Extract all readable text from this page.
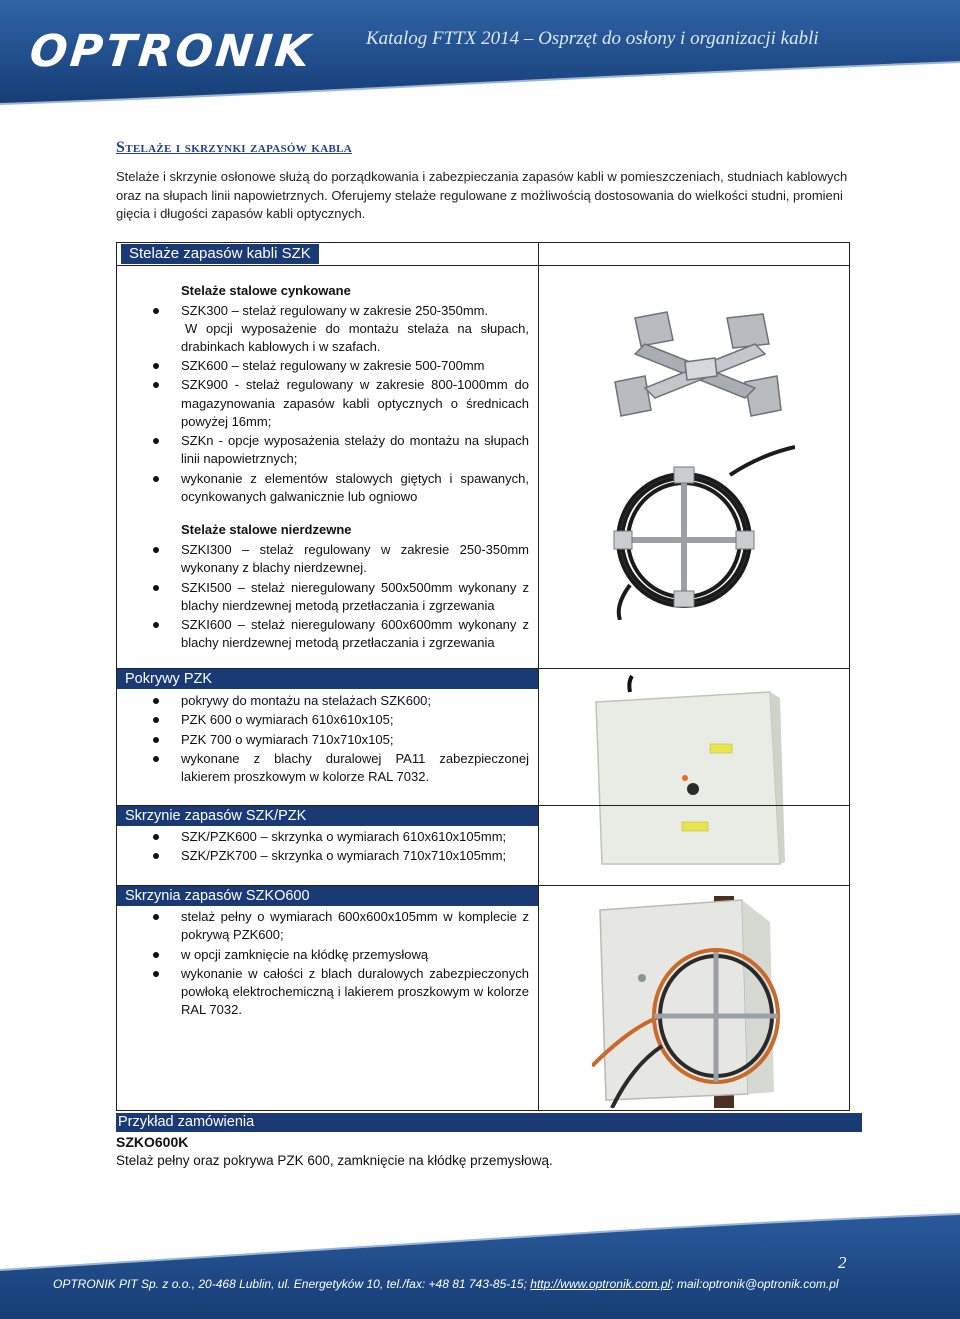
OPTRONIK	Katalog FTTX 2014 – Osprzęt do osłony i organizacji kabli
Stelaże i skrzynki zapasów kabla
Stelaże i skrzynie osłonowe służą do porządkowania i zabezpieczania zapasów kabli w pomieszczeniach, studniach kablowych oraz na słupach linii napowietrznych. Oferujemy stelaże regulowane z możliwością dostosowania do wielkości studni, promieni gięcia i długości zapasów kabli optycznych.
Stelaże zapasów kabli SZK
Stelaże stalowe cynkowane
SZK300 – stelaż regulowany w zakresie 250-350mm.
W opcji wyposażenie do montażu stelaża na słupach, drabinkach kablowych i w szafach.
SZK600 – stelaż regulowany w zakresie 500-700mm
SZK900 - stelaż regulowany w zakresie 800-1000mm do magazynowania zapasów kabli optycznych o średnicach powyżej 16mm;
SZKn - opcje wyposażenia stelaży do montażu na słupach linii napowietrznych;
wykonanie z elementów stalowych giętych i spawanych, ocynkowanych galwanicznie lub ogniowo
Stelaże stalowe nierdzewne
SZKI300 – stelaż regulowany w zakresie 250-350mm wykonany z blachy nierdzewnej.
SZKI500 – stelaż nieregulowany 500x500mm wykonany z blachy nierdzewnej metodą przetłaczania i zgrzewania
SZKI600 – stelaż nieregulowany 600x600mm wykonany z blachy nierdzewnej metodą przetłaczania i zgrzewania
Pokrywy PZK
pokrywy do montażu na stelażach SZK600;
PZK 600 o wymiarach 610x610x105;
PZK 700 o wymiarach 710x710x105;
wykonane z blachy duralowej PA11 zabezpieczonej lakierem proszkowym w kolorze RAL 7032.
Skrzynie zapasów SZK/PZK
SZK/PZK600 – skrzynka o wymiarach 610x610x105mm;
SZK/PZK700 – skrzynka o wymiarach 710x710x105mm;
Skrzynia zapasów SZKO600
stelaż pełny o wymiarach 600x600x105mm w komplecie z pokrywą PZK600;
w opcji zamknięcie na kłódkę przemysłową
wykonanie w całości z blach duralowych zabezpieczonych powłoką elektrochemiczną i lakierem proszkowym w kolorze RAL 7032.
Przykład zamówienia
SZKO600K
Stelaż pełny oraz pokrywa PZK 600, zamknięcie na kłódkę przemysłową.
2
OPTRONIK PIT Sp. z o.o., 20-468 Lublin, ul. Energetyków 10, tel./fax: +48 81 743-85-15; http://www.optronik.com.pl; mail:optronik@optronik.com.pl
